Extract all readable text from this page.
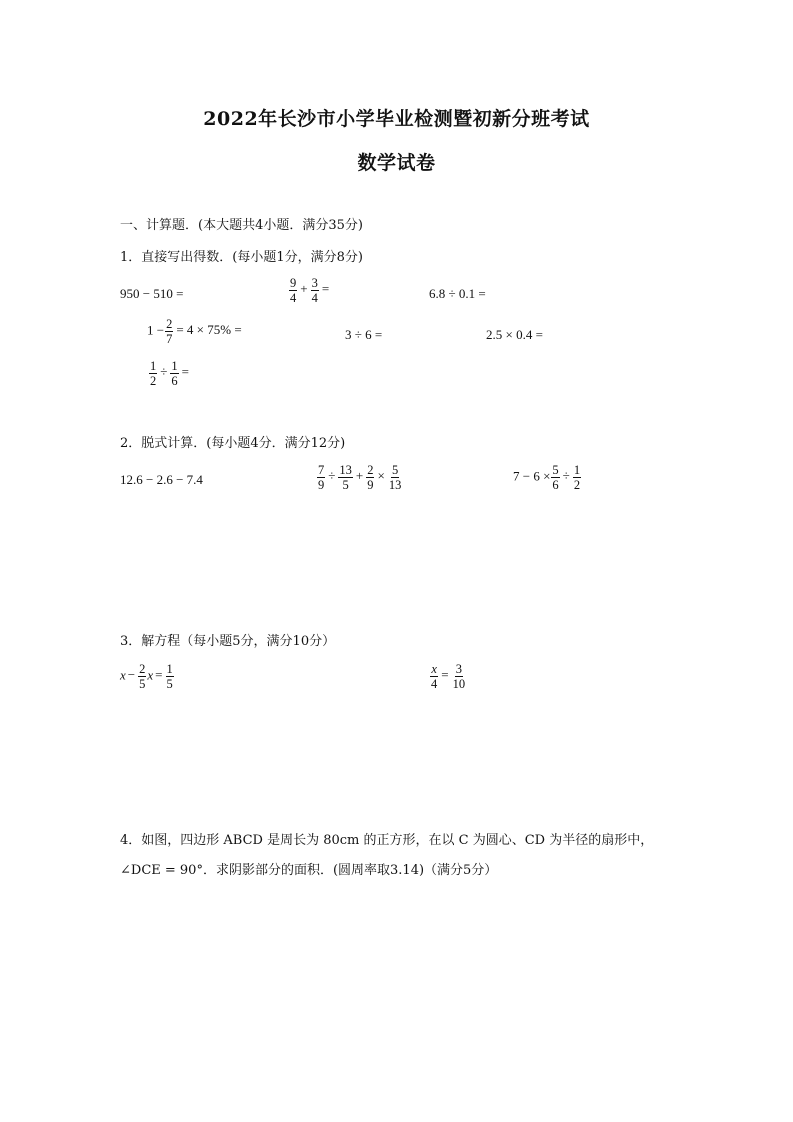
2022年长沙市小学毕业检测暨初新分班考试
数学试卷
一、计算题．(本大题共4小题．满分35分)
1．直接写出得数．(每小题1分，满分8分)
950 − 510 =	$\frac{9}{4} + \frac{3}{4}$ =	6.8 ÷ 0.1 =
$1 - \frac{2}{7} = 4 \times 75\%$ =	3 ÷ 6 =	2.5 × 0.4 =
$\frac{1}{2} \div \frac{1}{6}$ =
2．脱式计算．(每小题4分．满分12分)
12.6 − 2.6 − 7.4	$\frac{7}{9} \div \frac{13}{5} + \frac{2}{9} \times \frac{5}{13}$	$7 - 6 \times \frac{5}{6} \div \frac{1}{2}$
3．解方程（每小题5分，满分10分）
$x - \frac{2}{5}$ $x = \frac{1}{5}$	$\frac{x}{4} = \frac{3}{10}$
4．如图，四边形 ABCD 是周长为 80cm 的正方形，在以 C 为圆心、CD 为半径的扇形中，
∠DCE = 90°．求阴影部分的面积．(圆周率取3.14)（满分5分）
